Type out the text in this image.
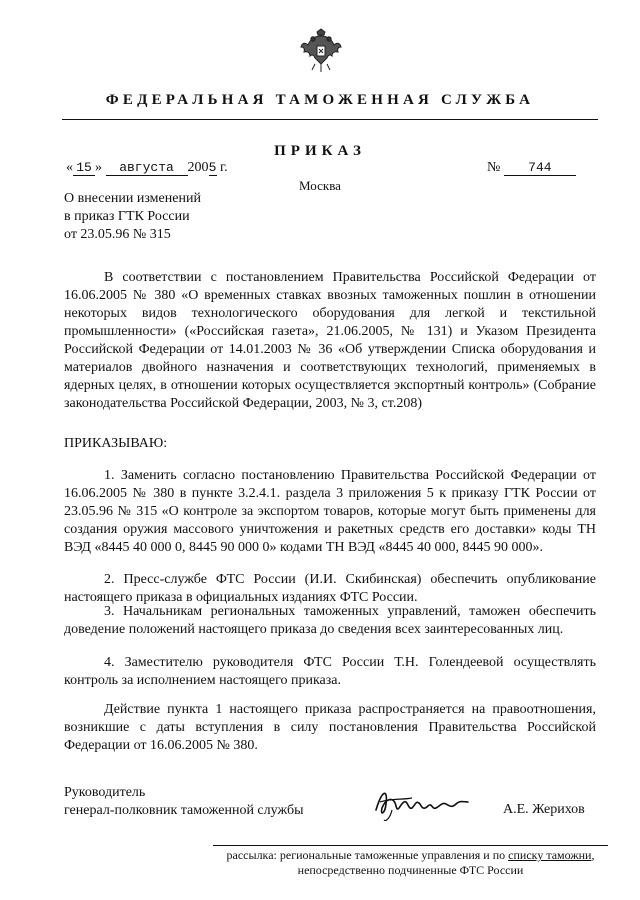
ФЕДЕРАЛЬНАЯ ТАМОЖЕННАЯ СЛУЖБА
ПРИКАЗ
« 15 » августа 2005 г.	№ 744
Москва
О внесении изменений
в приказ ГТК России
от 23.05.96 № 315
В соответствии с постановлением Правительства Российской Федерации от 16.06.2005 № 380 «О временных ставках ввозных таможенных пошлин в отношении некоторых видов технологического оборудования для легкой и текстильной промышленности» («Российская газета», 21.06.2005, № 131) и Указом Президента Российской Федерации от 14.01.2003 № 36 «Об утверждении Списка оборудования и материалов двойного назначения и соответствующих технологий, применяемых в ядерных целях, в отношении которых осуществляется экспортный контроль» (Собрание законодательства Российской Федерации, 2003, № 3, ст.208)
ПРИКАЗЫВАЮ:
1. Заменить согласно постановлению Правительства Российской Федерации от 16.06.2005 № 380 в пункте 3.2.4.1. раздела 3 приложения 5 к приказу ГТК России от 23.05.96 № 315 «О контроле за экспортом товаров, которые могут быть применены для создания оружия массового уничтожения и ракетных средств его доставки» коды ТН ВЭД «8445 40 000 0, 8445 90 000 0» кодами ТН ВЭД «8445 40 000, 8445 90 000».
2. Пресс-службе ФТС России (И.И. Скибинская) обеспечить опубликование настоящего приказа в официальных изданиях ФТС России.
3. Начальникам региональных таможенных управлений, таможен обеспечить доведение положений настоящего приказа до сведения всех заинтересованных лиц.
4. Заместителю руководителя ФТС России Т.Н. Голендеевой осуществлять контроль за исполнением настоящего приказа.
Действие пункта 1 настоящего приказа распространяется на правоотношения, возникшие с даты вступления в силу постановления Правительства Российской Федерации от 16.06.2005 № 380.
Руководитель
генерал-полковник таможенной службы	А.Е. Жерихов
рассылка: региональные таможенные управления и по списку таможни,
непосредственно подчиненные ФТС России
